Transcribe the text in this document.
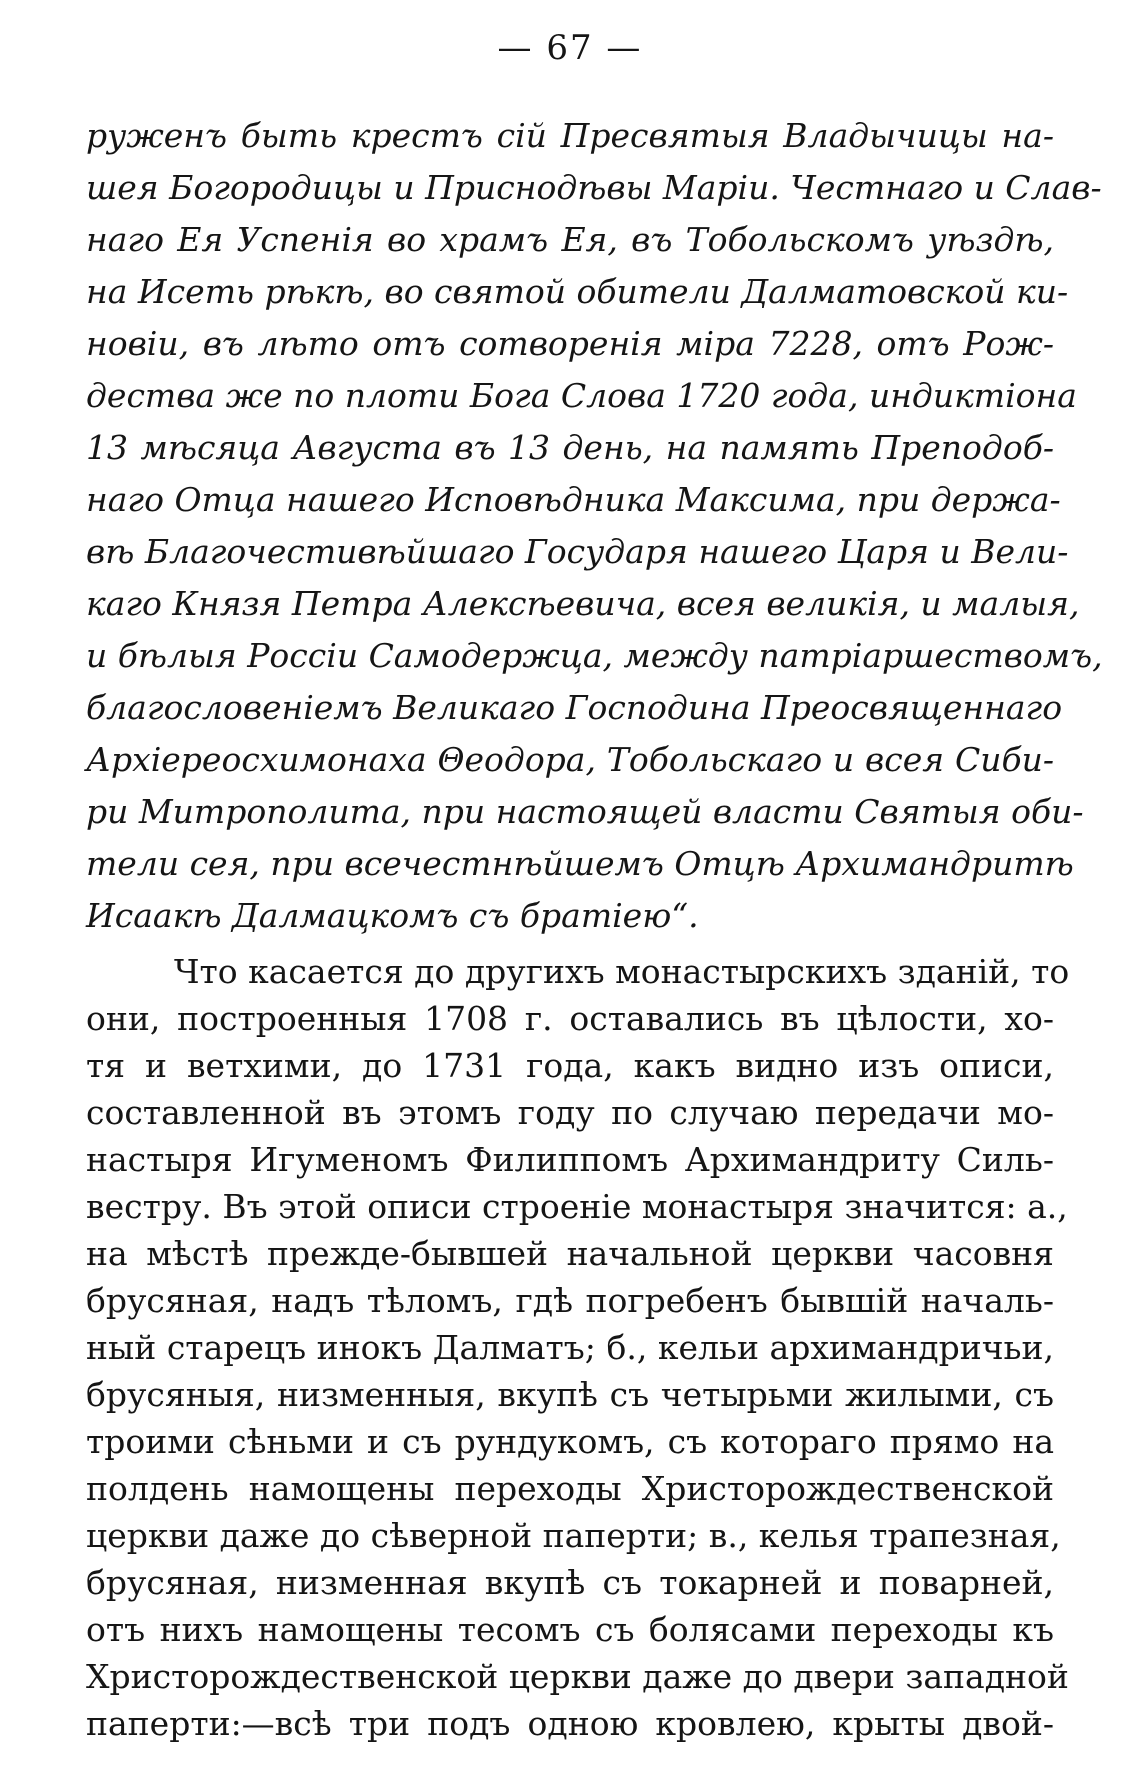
— 67 —
руженъ быть крестъ сiй Пресвятыя Владычицы на-
шея Богородицы и Приснодѣвы Марiи. Честнаго и Слав-
наго Ея Успенiя во храмъ Ея, въ Тобольскомъ уѣздѣ,
на Исеть рѣкѣ, во святой обители Далматовской ки-
новiи, въ лѣто отъ сотворенiя мiра 7228, отъ Рож-
дества же по плоти Бога Слова 1720 года, индиктiона
13 мѣсяца Августа въ 13 день, на память Преподоб-
наго Отца нашего Исповѣдника Максима, при держа-
вѣ Благочестивѣйшаго Государя нашего Царя и Вели-
каго Князя Петра Алексѣевича, всея великiя, и малыя,
и бѣлыя Россiи Самодержца, между патрiаршествомъ,
благословенiемъ Великаго Господина Преосвященнаго
Архiереосхимонаха Θеодора, Тобольскаго и всея Сиби-
ри Митрополита, при настоящей власти Святыя оби-
тели сея, при всечестнѣйшемъ Отцѣ Архимандритѣ
Исаакѣ Далмацкомъ съ братiею“.
Что касается до другихъ монастырскихъ зданiй, то
они, построенныя 1708 г. оставались въ цѣлости, хо-
тя и ветхими, до 1731 года, какъ видно изъ описи,
составленной въ этомъ году по случаю передачи мо-
настыря Игуменомъ Филиппомъ Архимандриту Силь-
вестру. Въ этой описи строенiе монастыря значится: а.,
на мѣстѣ прежде-бывшей начальной церкви часовня
брусяная, надъ тѣломъ, гдѣ погребенъ бывшiй началь-
ный старецъ инокъ Далматъ; б., кельи архимандричьи,
брусяныя, низменныя, вкупѣ съ четырьми жилыми, съ
троими сѣньми и съ рундукомъ, съ котораго прямо на
полдень намощены переходы Христорождественской
церкви даже до сѣверной паперти; в., келья трапезная,
брусяная, низменная вкупѣ съ токарней и поварней,
отъ нихъ намощены тесомъ съ болясами переходы къ
Христорождественской церкви даже до двери западной
паперти:—всѣ три подъ одною кровлею, крыты двой-
